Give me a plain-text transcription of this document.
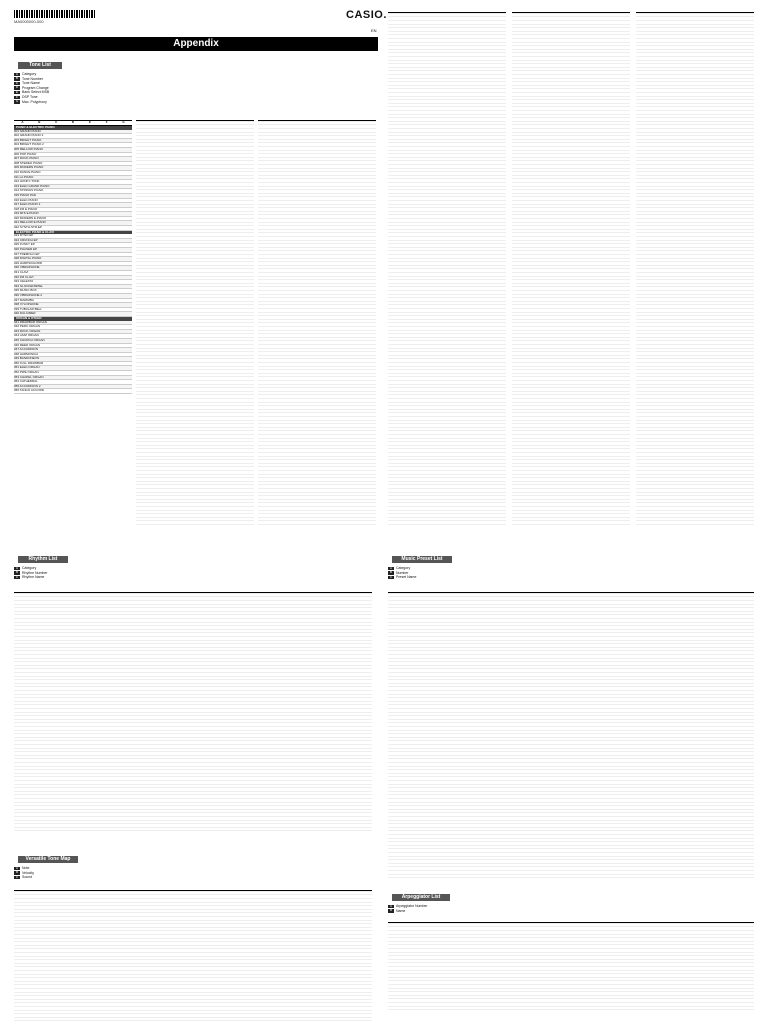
MA0000000-000
CASIO.
EN
Appendix
Tone List
A	Category
B	Tone Number
C	Tone Name
D	Program Change
E	Bank Select MSB
F	DSP Tone
G	Max. Polyphony
A	B	C	D	E	F	G
PIANO & ELECTRIC PIANO
001 GRAND PIANO
002 GRAND PIANO 2
003 BRIGHT PIANO
004 BRIGHT PIANO 2
005 MELLOW PIANO
006 POP PIANO
007 ROCK PIANO
008 STEREO PIANO
009 MODERN PIANO
010 DANCE PIANO
011 LA PIANO
012 HONKY-TONK
013 ELEC.GRAND PIANO
014 STRINGS PIANO
015 PIANO PAD
016 ELEC.PIANO
017 ELEC.PIANO 2
018 FM E.PIANO
019 60'S E.PIANO
020 MODERN E.PIANO
021 MELLOW E.PIANO
022 SYNTH-STR.EP
ELECTRIC PIANO & CLAVI
023 DYNO EP
024 CRUNCH EP
025 FUNKY EP
026 PHASER EP
027 TREMOLO EP
028 DIGITAL PIANO
029 HARPSICHORD
030 VIBRAPHONE
031 CLAVI
032 FM CLAVI
033 CELESTA
034 GLOCKENSPIEL
035 MUSIC BOX
036 VIBRAPHONE 2
037 MARIMBA
038 XYLOPHONE
039 TUBULAR BELL
040 DULCIMER
ORGAN & OTHER
041 DRAWBAR ORGAN
042 PERC.ORGAN
043 ROCK ORGAN
044 JAZZ ORGAN
045 CHURCH ORGAN
046 REED ORGAN
047 ACCORDION
048 HARMONICA
049 BANDONEON
050 FULL DRAWBAR
051 ELEC.ORGAN
052 PIPE ORGAN
053 CHAPEL ORGAN
054 CATHEDRAL
055 ACCORDION 2
056 TANGO ACCORD.
Rhythm List
A	Category
B	Rhythm Number
C	Rhythm Name
Music Preset List
A	Category
B	Number
C	Preset Name
Versatile Tone Map
A	Note
B	Velocity
C	Sound
Arpeggiator List
A	Arpeggiator Number
B	Name
